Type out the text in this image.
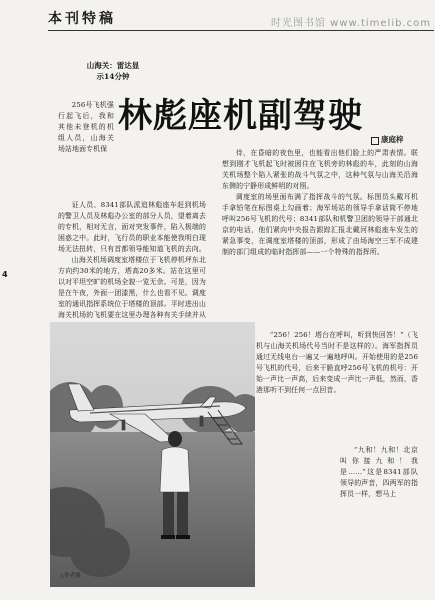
本刊特稿	时光图书馆 www.timelib.com
山海关：雷达显
示14分钟
林彪座机副驾驶
康庭梓
4

256号飞机强行起飞后，我和其他未登机的机组人员，山海关场站地面专机保

证人员、8341部队派追林彪座车赶到机场的警卫人员及林彪办公室的部分人员，望着离去的专机，相对无言，面对突发事件，陷入极端的困惑之中。此时，飞行员的职业本能使我明白现场无法扭转，只有首都领导能知道飞机的去向。

山海关机场调度室塔楼位于飞机停机坪东北方向约30米的地方，塔高20多米。站在这里可以对平坦空旷的机场全貌一览无余。可是，因为是在午夜，外面一团漆黑，什么也看不见。调度室的通讯指挥系统位于塔楼的顶部。平时进出山海关机场的飞机要在这里办理各种有关手续并从

待，在昏暗的夜色里，也能看出他们脸上的严肃表情。联想到刚才飞机起飞时被困住在飞机旁的林彪的车，此刻的山海关机场整个陷入紧张的战斗气氛之中，这种气氛与山海关沿海东侧的宁静形成鲜明的对照。

调度室的场里面布满了指挥战斗的气氛。标图员头戴耳机手拿铅笔在标图桌上勾画着；海军场站的领导手拿话筒不停地呼叫256号飞机的代号；8341部队和机警卫团的领导干部通北京的电话，他们紧向中央报告跟踪汇报北戴河林彪座车发生的紧急事变，在调度室塔楼的顶部，形成了由场海空三军不成建制的部门组成的临时指挥部——一个特殊的指挥所。

“256！256！塔台在呼叫，听到快回答！”（飞机与山海关机场代号当时不是这样的）。海军指挥员通过无线电台一遍又一遍地呼叫。开始使用的是256号飞机的代号，后来干脆直呼256号飞机的机号：开始一声比一声高，后来变成一声比一声低，然而，香港那听不到任何一点回音。

“九和！九和！北京叫你接九和！我是……”这是8341部队领导的声音，四两军的指挥员一样，想马上

△作者像
